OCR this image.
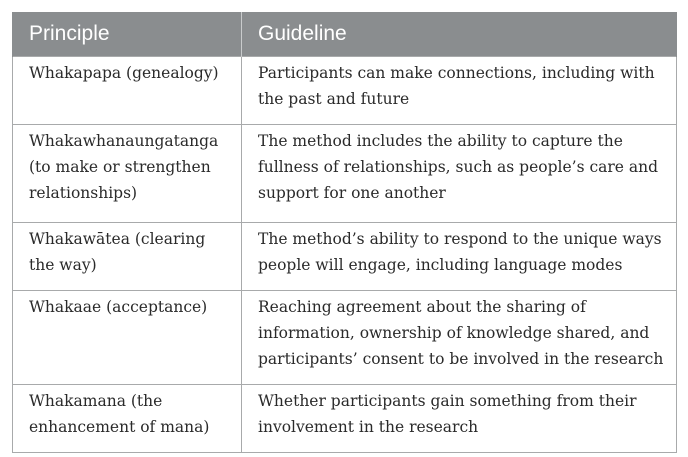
Principle	Guideline
Whakapapa (genealogy)	Participants can make connections, including with the past and future
Whakawhanaungatanga (to make or strengthen relationships)	The method includes the ability to capture the fullness of relationships, such as people’s care and support for one another
Whakawātea (clearing the way)	The method’s ability to respond to the unique ways people will engage, including language modes
Whakaae (acceptance)	Reaching agreement about the sharing of information, ownership of knowledge shared, and participants’ consent to be involved in the research
Whakamana (the enhancement of mana)	Whether participants gain something from their involvement in the research
